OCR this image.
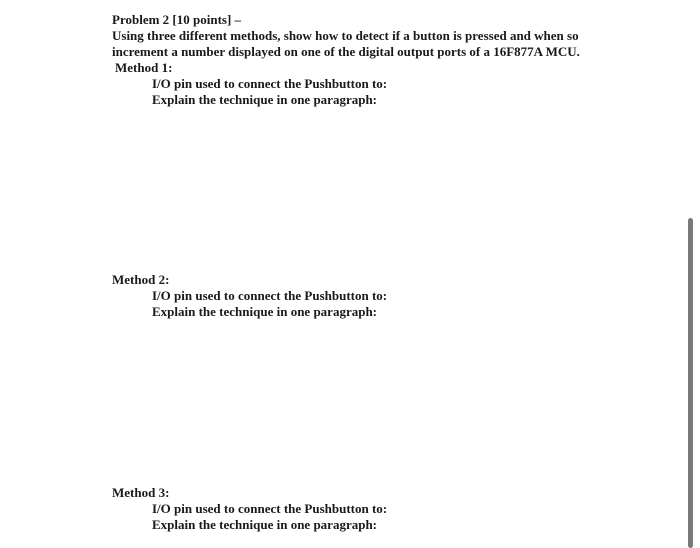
Problem 2 [10 points] –
Using three different methods, show how to detect if a button is pressed and when so
increment a number displayed on one of the digital output ports of a 16F877A MCU.
Method 1:
I/O pin used to connect the Pushbutton to:
Explain the technique in one paragraph:
Method 2:
I/O pin used to connect the Pushbutton to:
Explain the technique in one paragraph:
Method 3:
I/O pin used to connect the Pushbutton to:
Explain the technique in one paragraph:
